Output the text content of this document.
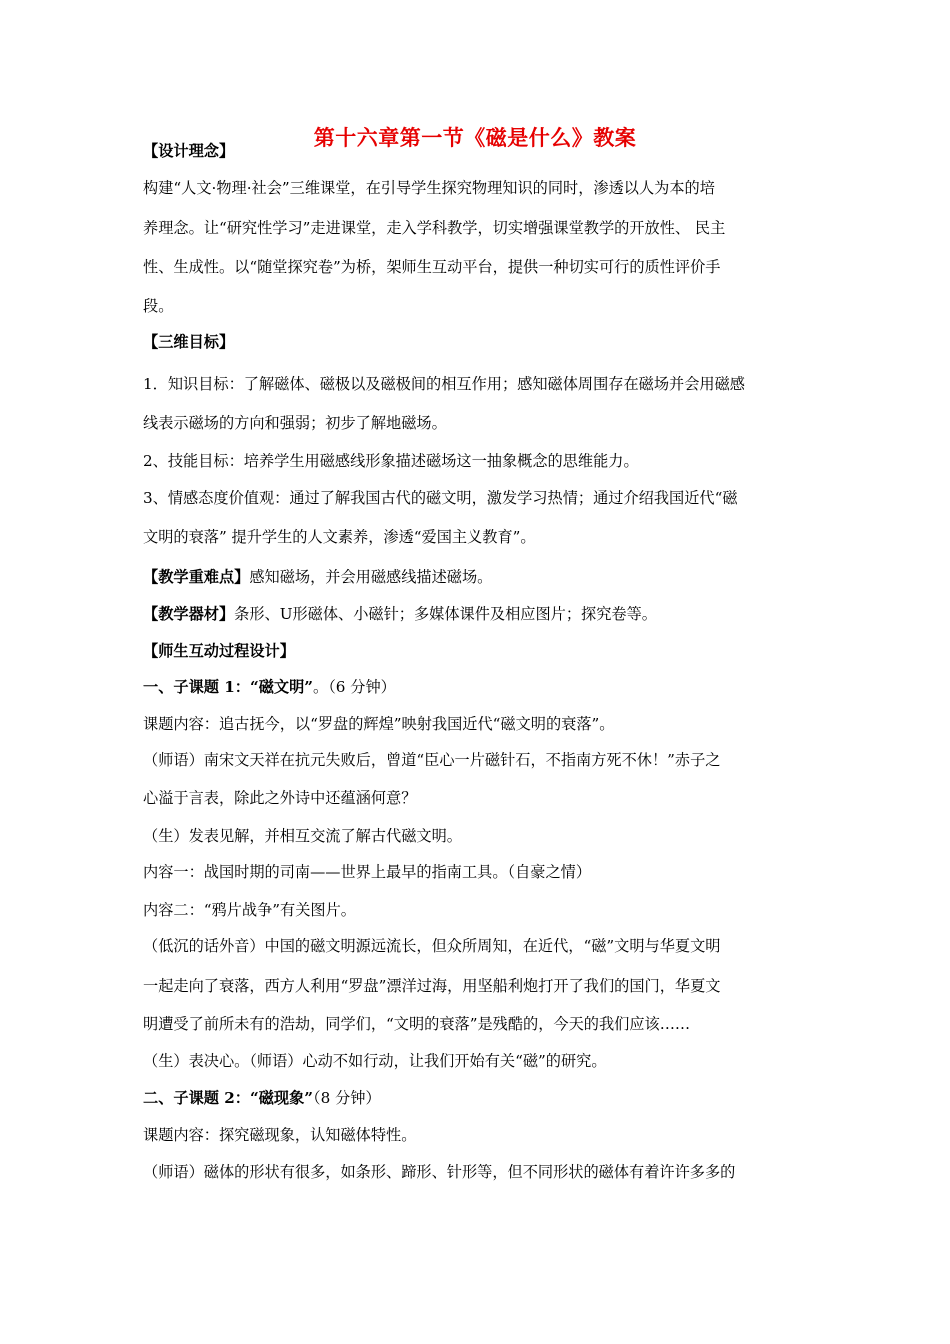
第十六章第一节《磁是什么》教案
【设计理念】
构建“人文·物理·社会”三维课堂，在引导学生探究物理知识的同时，渗透以人为本的培
养理念。让“研究性学习”走进课堂，走入学科教学，切实增强课堂教学的开放性、 民主
性、生成性。以“随堂探究卷”为桥，架师生互动平台，提供一种切实可行的质性评价手
段。
【三维目标】
1．知识目标：了解磁体、磁极以及磁极间的相互作用；感知磁体周围存在磁场并会用磁感
线表示磁场的方向和强弱；初步了解地磁场。
2、技能目标：培养学生用磁感线形象描述磁场这一抽象概念的思维能力。
3、情感态度价值观：通过了解我国古代的磁文明，激发学习热情；通过介绍我国近代“磁
文明的衰落” 提升学生的人文素养，渗透“爱国主义教育”。
【教学重难点】感知磁场，并会用磁感线描述磁场。
【教学器材】条形、U形磁体、小磁针；多媒体课件及相应图片；探究卷等。
【师生互动过程设计】
一、子课题 1：“磁文明”。（6 分钟）
课题内容：追古抚今，以“罗盘的辉煌”映射我国近代“磁文明的衰落”。
（师语）南宋文天祥在抗元失败后，曾道“臣心一片磁针石，不指南方死不休！”赤子之
心溢于言表，除此之外诗中还蕴涵何意？
（生）发表见解，并相互交流了解古代磁文明。
内容一：战国时期的司南——世界上最早的指南工具。（自豪之情）
内容二：“鸦片战争”有关图片。
（低沉的话外音）中国的磁文明源远流长，但众所周知，在近代，“磁”文明与华夏文明
一起走向了衰落，西方人利用“罗盘”漂洋过海，用坚船利炮打开了我们的国门，华夏文
明遭受了前所未有的浩劫，同学们，“文明的衰落”是残酷的，今天的我们应该……
（生）表决心。（师语）心动不如行动，让我们开始有关“磁”的研究。
二、子课题 2：“磁现象”（8 分钟）
课题内容：探究磁现象，认知磁体特性。
（师语）磁体的形状有很多，如条形、蹄形、针形等，但不同形状的磁体有着许许多多的
